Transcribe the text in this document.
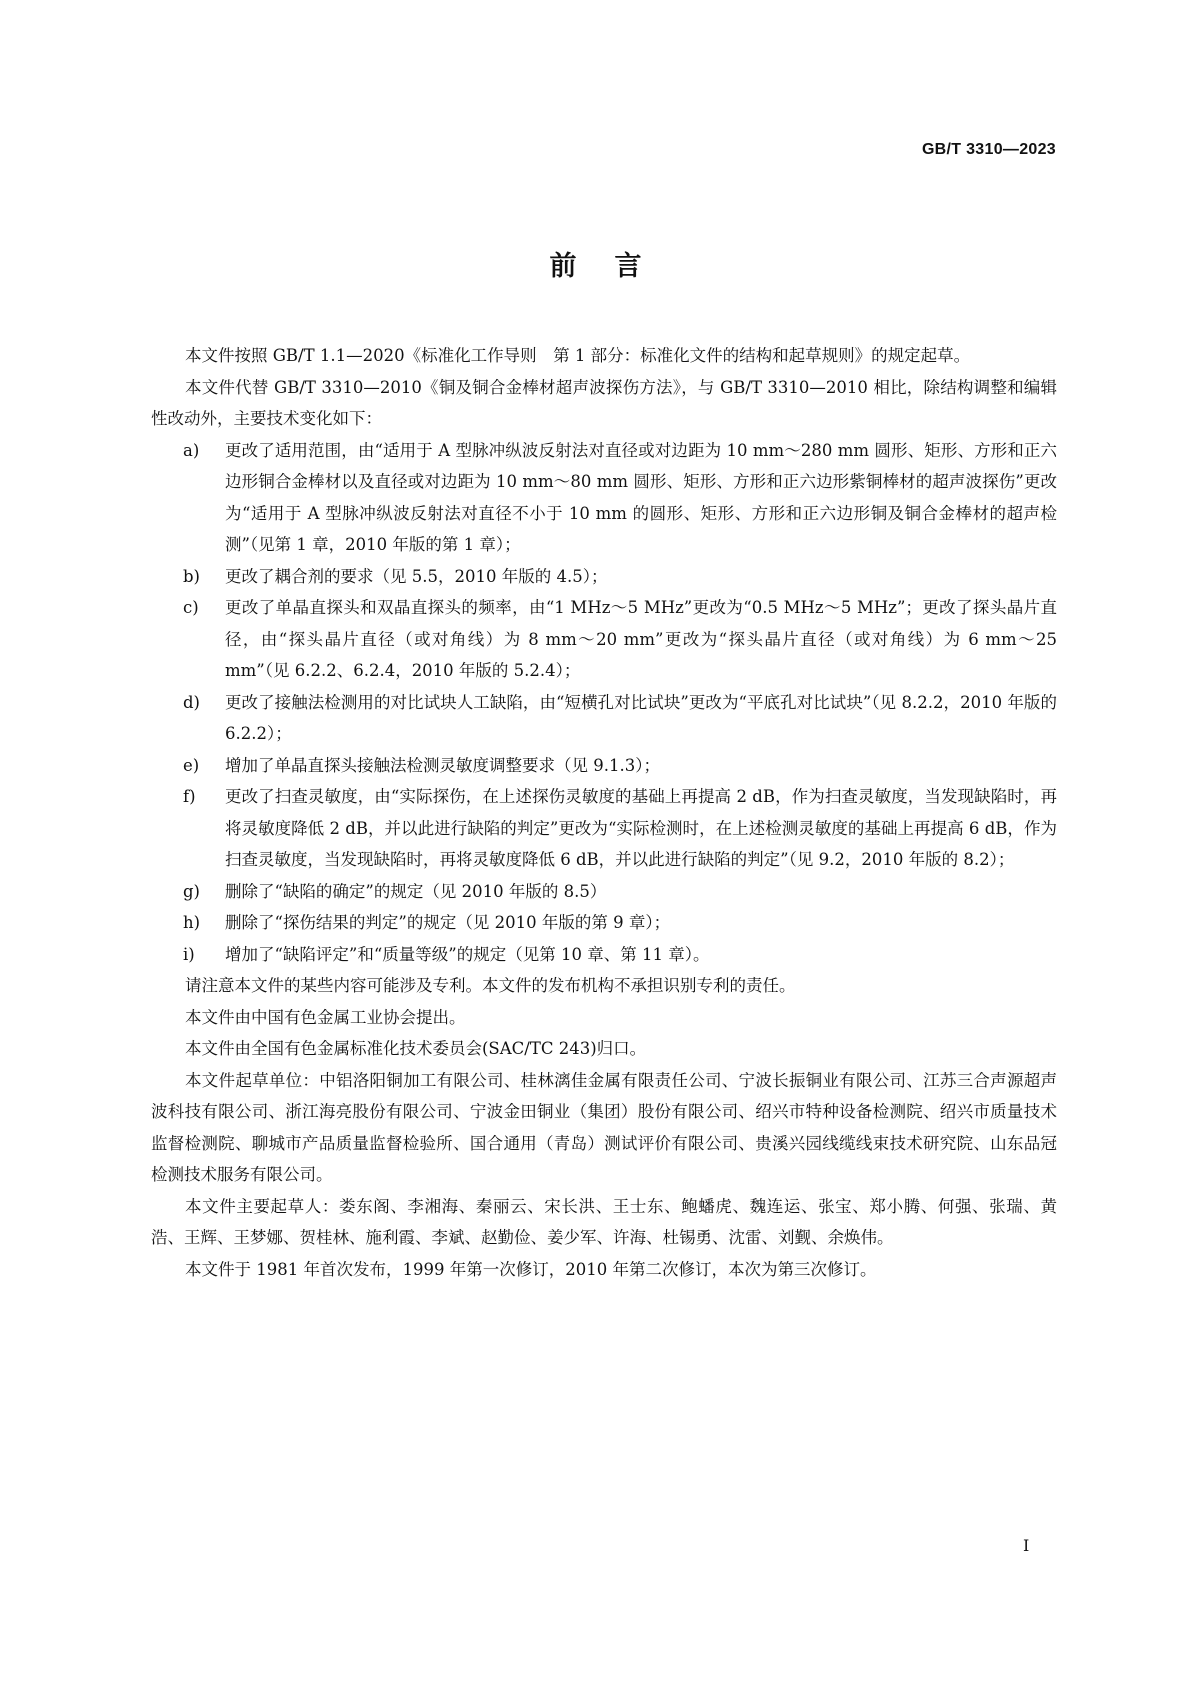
GB/T 3310—2023
前言

本文件按照 GB/T 1.1—2020《标准化工作导则　第 1 部分：标准化文件的结构和起草规则》的规定起草。

本文件代替 GB/T 3310—2010《铜及铜合金棒材超声波探伤方法》，与 GB/T 3310—2010 相比，除结构调整和编辑性改动外，主要技术变化如下：

a) 更改了适用范围，由“适用于 A 型脉冲纵波反射法对直径或对边距为 10 mm～280 mm 圆形、矩形、方形和正六边形铜合金棒材以及直径或对边距为 10 mm～80 mm 圆形、矩形、方形和正六边形紫铜棒材的超声波探伤”更改为“适用于 A 型脉冲纵波反射法对直径不小于 10 mm 的圆形、矩形、方形和正六边形铜及铜合金棒材的超声检测”（见第 1 章，2010 年版的第 1 章）；

b) 更改了耦合剂的要求（见 5.5，2010 年版的 4.5）；

c) 更改了单晶直探头和双晶直探头的频率，由“1 MHz～5 MHz”更改为“0.5 MHz～5 MHz”；更改了探头晶片直径，由“探头晶片直径（或对角线）为 8 mm～20 mm”更改为“探头晶片直径（或对角线）为 6 mm～25 mm”（见 6.2.2、6.2.4，2010 年版的 5.2.4）；

d) 更改了接触法检测用的对比试块人工缺陷，由“短横孔对比试块”更改为“平底孔对比试块”（见 8.2.2，2010 年版的 6.2.2）；

e) 增加了单晶直探头接触法检测灵敏度调整要求（见 9.1.3）；

f) 更改了扫查灵敏度，由“实际探伤，在上述探伤灵敏度的基础上再提高 2 dB，作为扫查灵敏度，当发现缺陷时，再将灵敏度降低 2 dB，并以此进行缺陷的判定”更改为“实际检测时，在上述检测灵敏度的基础上再提高 6 dB，作为扫查灵敏度，当发现缺陷时，再将灵敏度降低 6 dB，并以此进行缺陷的判定”（见 9.2，2010 年版的 8.2）；

g) 删除了“缺陷的确定”的规定（见 2010 年版的 8.5）

h) 删除了“探伤结果的判定”的规定（见 2010 年版的第 9 章）；

i) 增加了“缺陷评定”和“质量等级”的规定（见第 10 章、第 11 章）。

请注意本文件的某些内容可能涉及专利。本文件的发布机构不承担识别专利的责任。

本文件由中国有色金属工业协会提出。

本文件由全国有色金属标准化技术委员会(SAC/TC 243)归口。

本文件起草单位：中铝洛阳铜加工有限公司、桂林漓佳金属有限责任公司、宁波长振铜业有限公司、江苏三合声源超声波科技有限公司、浙江海亮股份有限公司、宁波金田铜业（集团）股份有限公司、绍兴市特种设备检测院、绍兴市质量技术监督检测院、聊城市产品质量监督检验所、国合通用（青岛）测试评价有限公司、贵溪兴园线缆线束技术研究院、山东品冠检测技术服务有限公司。

本文件主要起草人：娄东阁、李湘海、秦丽云、宋长洪、王士东、鲍蟠虎、魏连运、张宝、郑小腾、何强、张瑞、黄浩、王辉、王梦娜、贺桂林、施利霞、李斌、赵勤俭、姜少军、许海、杜锡勇、沈雷、刘觐、余焕伟。

本文件于 1981 年首次发布，1999 年第一次修订，2010 年第二次修订，本次为第三次修订。

I
